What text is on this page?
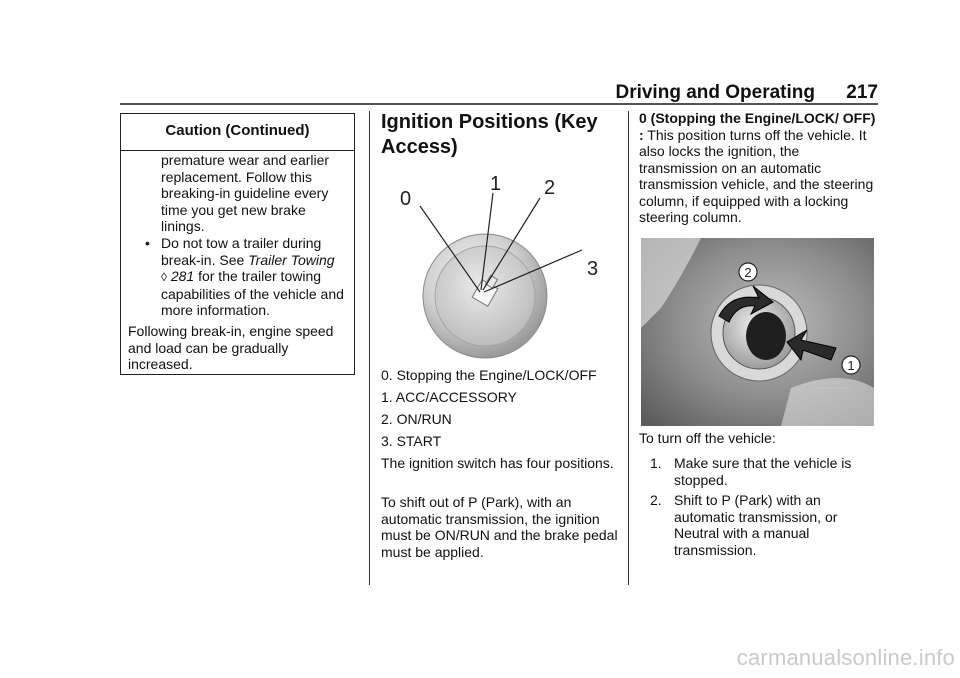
Driving and Operating	217
Caution (Continued)
premature wear and earlier replacement. Follow this breaking-in guideline every time you get new brake linings.
• Do not tow a trailer during break-in. See Trailer Towing
◊ 281 for the trailer towing capabilities of the vehicle and more information.
Following break-in, engine speed and load can be gradually increased.
Ignition Positions (Key Access)
0
1 2
3
0. Stopping the Engine/LOCK/OFF
1. ACC/ACCESSORY
2. ON/RUN
3. START
The ignition switch has four positions.
To shift out of P (Park), with an automatic transmission, the ignition must be ON/RUN and the brake pedal must be applied.
0 (Stopping the Engine/LOCK/ OFF) : This position turns off the vehicle. It also locks the ignition, the transmission on an automatic transmission vehicle, and the steering column, if equipped with a locking steering column.
2
1
To turn off the vehicle:
1. Make sure that the vehicle is stopped.
2. Shift to P (Park) with an automatic transmission, or Neutral with a manual transmission.
carmanualsonline.info
